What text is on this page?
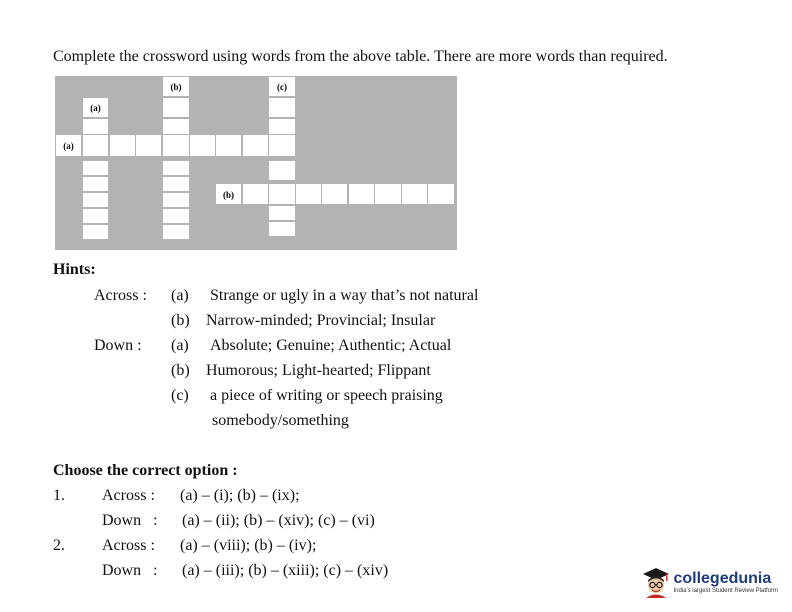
Complete the crossword using words from the above table. There are more words than required.
(b)	(c)
(a)
(a)
(b)
Hints:
Across : (a) Strange or ugly in a way that’s not natural
(b) Narrow-minded; Provincial; Insular
Down : (a) Absolute; Genuine; Authentic; Actual
(b) Humorous; Light-hearted; Flippant
(c) a piece of writing or speech praising
somebody/something
Choose the correct option :
1. Across : (a) – (i); (b) – (ix);
Down   : (a) – (ii); (b) – (xiv); (c) – (vi)
2. Across : (a) – (viii); (b) – (iv);
Down   : (a) – (iii); (b) – (xiii); (c) – (xiv)	collegedunia
India's largest Student Review Platform
